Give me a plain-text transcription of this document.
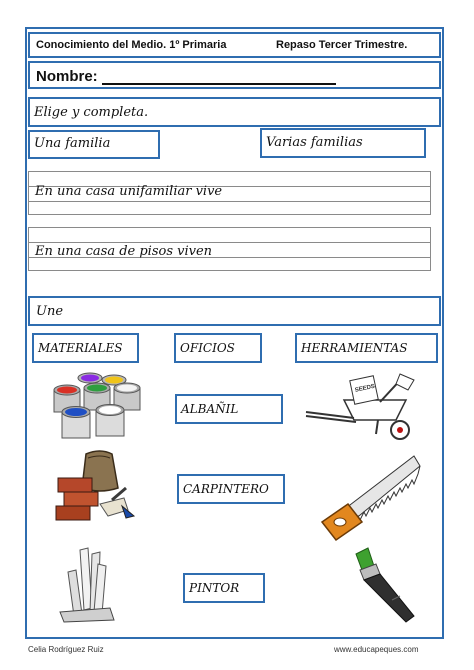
Conocimiento del Medio. 1º Primaria	Repaso Tercer Trimestre.
Nombre:
Elige y completa.
Una familia	Varias familias
En una casa unifamiliar vive
En una casa de pisos viven
Une
MATERIALES	OFICIOS	HERRAMIENTAS
ALBAÑIL
CARPINTERO
PINTOR
SEEDS
Celia Rodríguez Ruiz	www.educapeques.com
